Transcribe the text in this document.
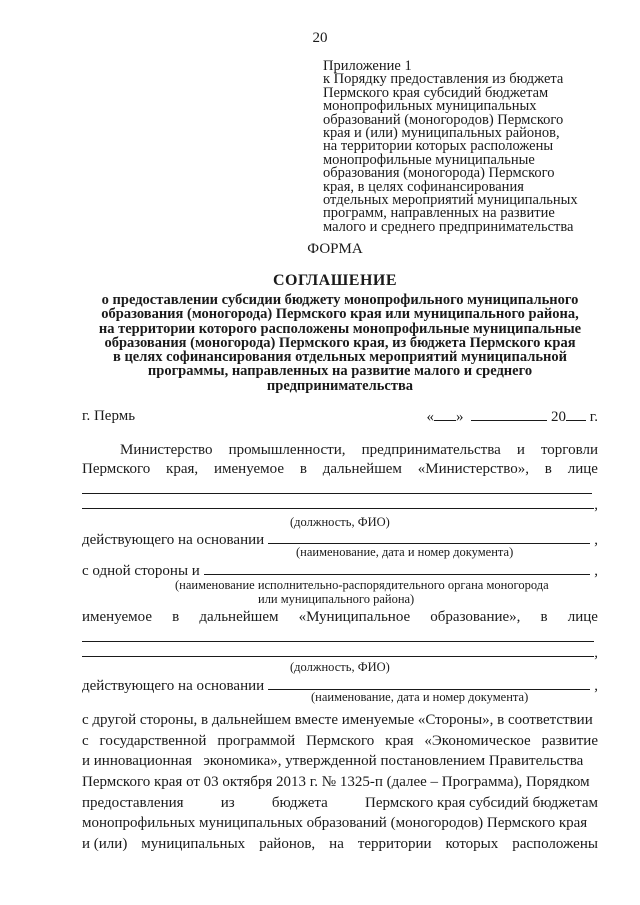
20
Приложение 1
к Порядку предоставления из бюджета
Пермского края субсидий бюджетам
монопрофильных муниципальных
образований (моногородов) Пермского
края и (или) муниципальных районов,
на территории которых расположены
монопрофильные муниципальные
образования (моногорода) Пермского
края, в целях софинансирования
отдельных мероприятий муниципальных
программ, направленных на развитие
малого и среднего предпринимательства
ФОРМА
СОГЛАШЕНИЕ
о предоставлении субсидии бюджету монопрофильного муниципального
образования (моногорода) Пермского края или муниципального района,
на территории которого расположены монопрофильные муниципальные
образования (моногорода) Пермского края, из бюджета Пермского края
в целях софинансирования отдельных мероприятий муниципальной
программы, направленных на развитие малого и среднего
предпринимательства
г. Пермь	« »	20 г.
Министерство промышленности, предпринимательства и торговли
Пермского края, именуемое в дальнейшем «Министерство», в лице
,
(должность, ФИО)
действующего на основании	,
(наименование, дата и номер документа)
с одной стороны и	,
(наименование исполнительно-распорядительного органа моногорода
или муниципального района)
именуемое в дальнейшем «Муниципальное образование», в лице
,
(должность, ФИО)
действующего на основании	,
(наименование, дата и номер документа)
с другой стороны, в дальнейшем вместе именуемые «Стороны», в соответствии
с государственной программой Пермского края «Экономическое развитие
и инновационная   экономика», утвержденной постановлением Правительства
Пермского края от 03 октября 2013 г. № 1325-п (далее – Программа), Порядком
предоставления из бюджета Пермского края субсидий бюджетам
монопрофильных муниципальных образований (моногородов) Пермского края
и (или) муниципальных районов, на территории которых расположены
